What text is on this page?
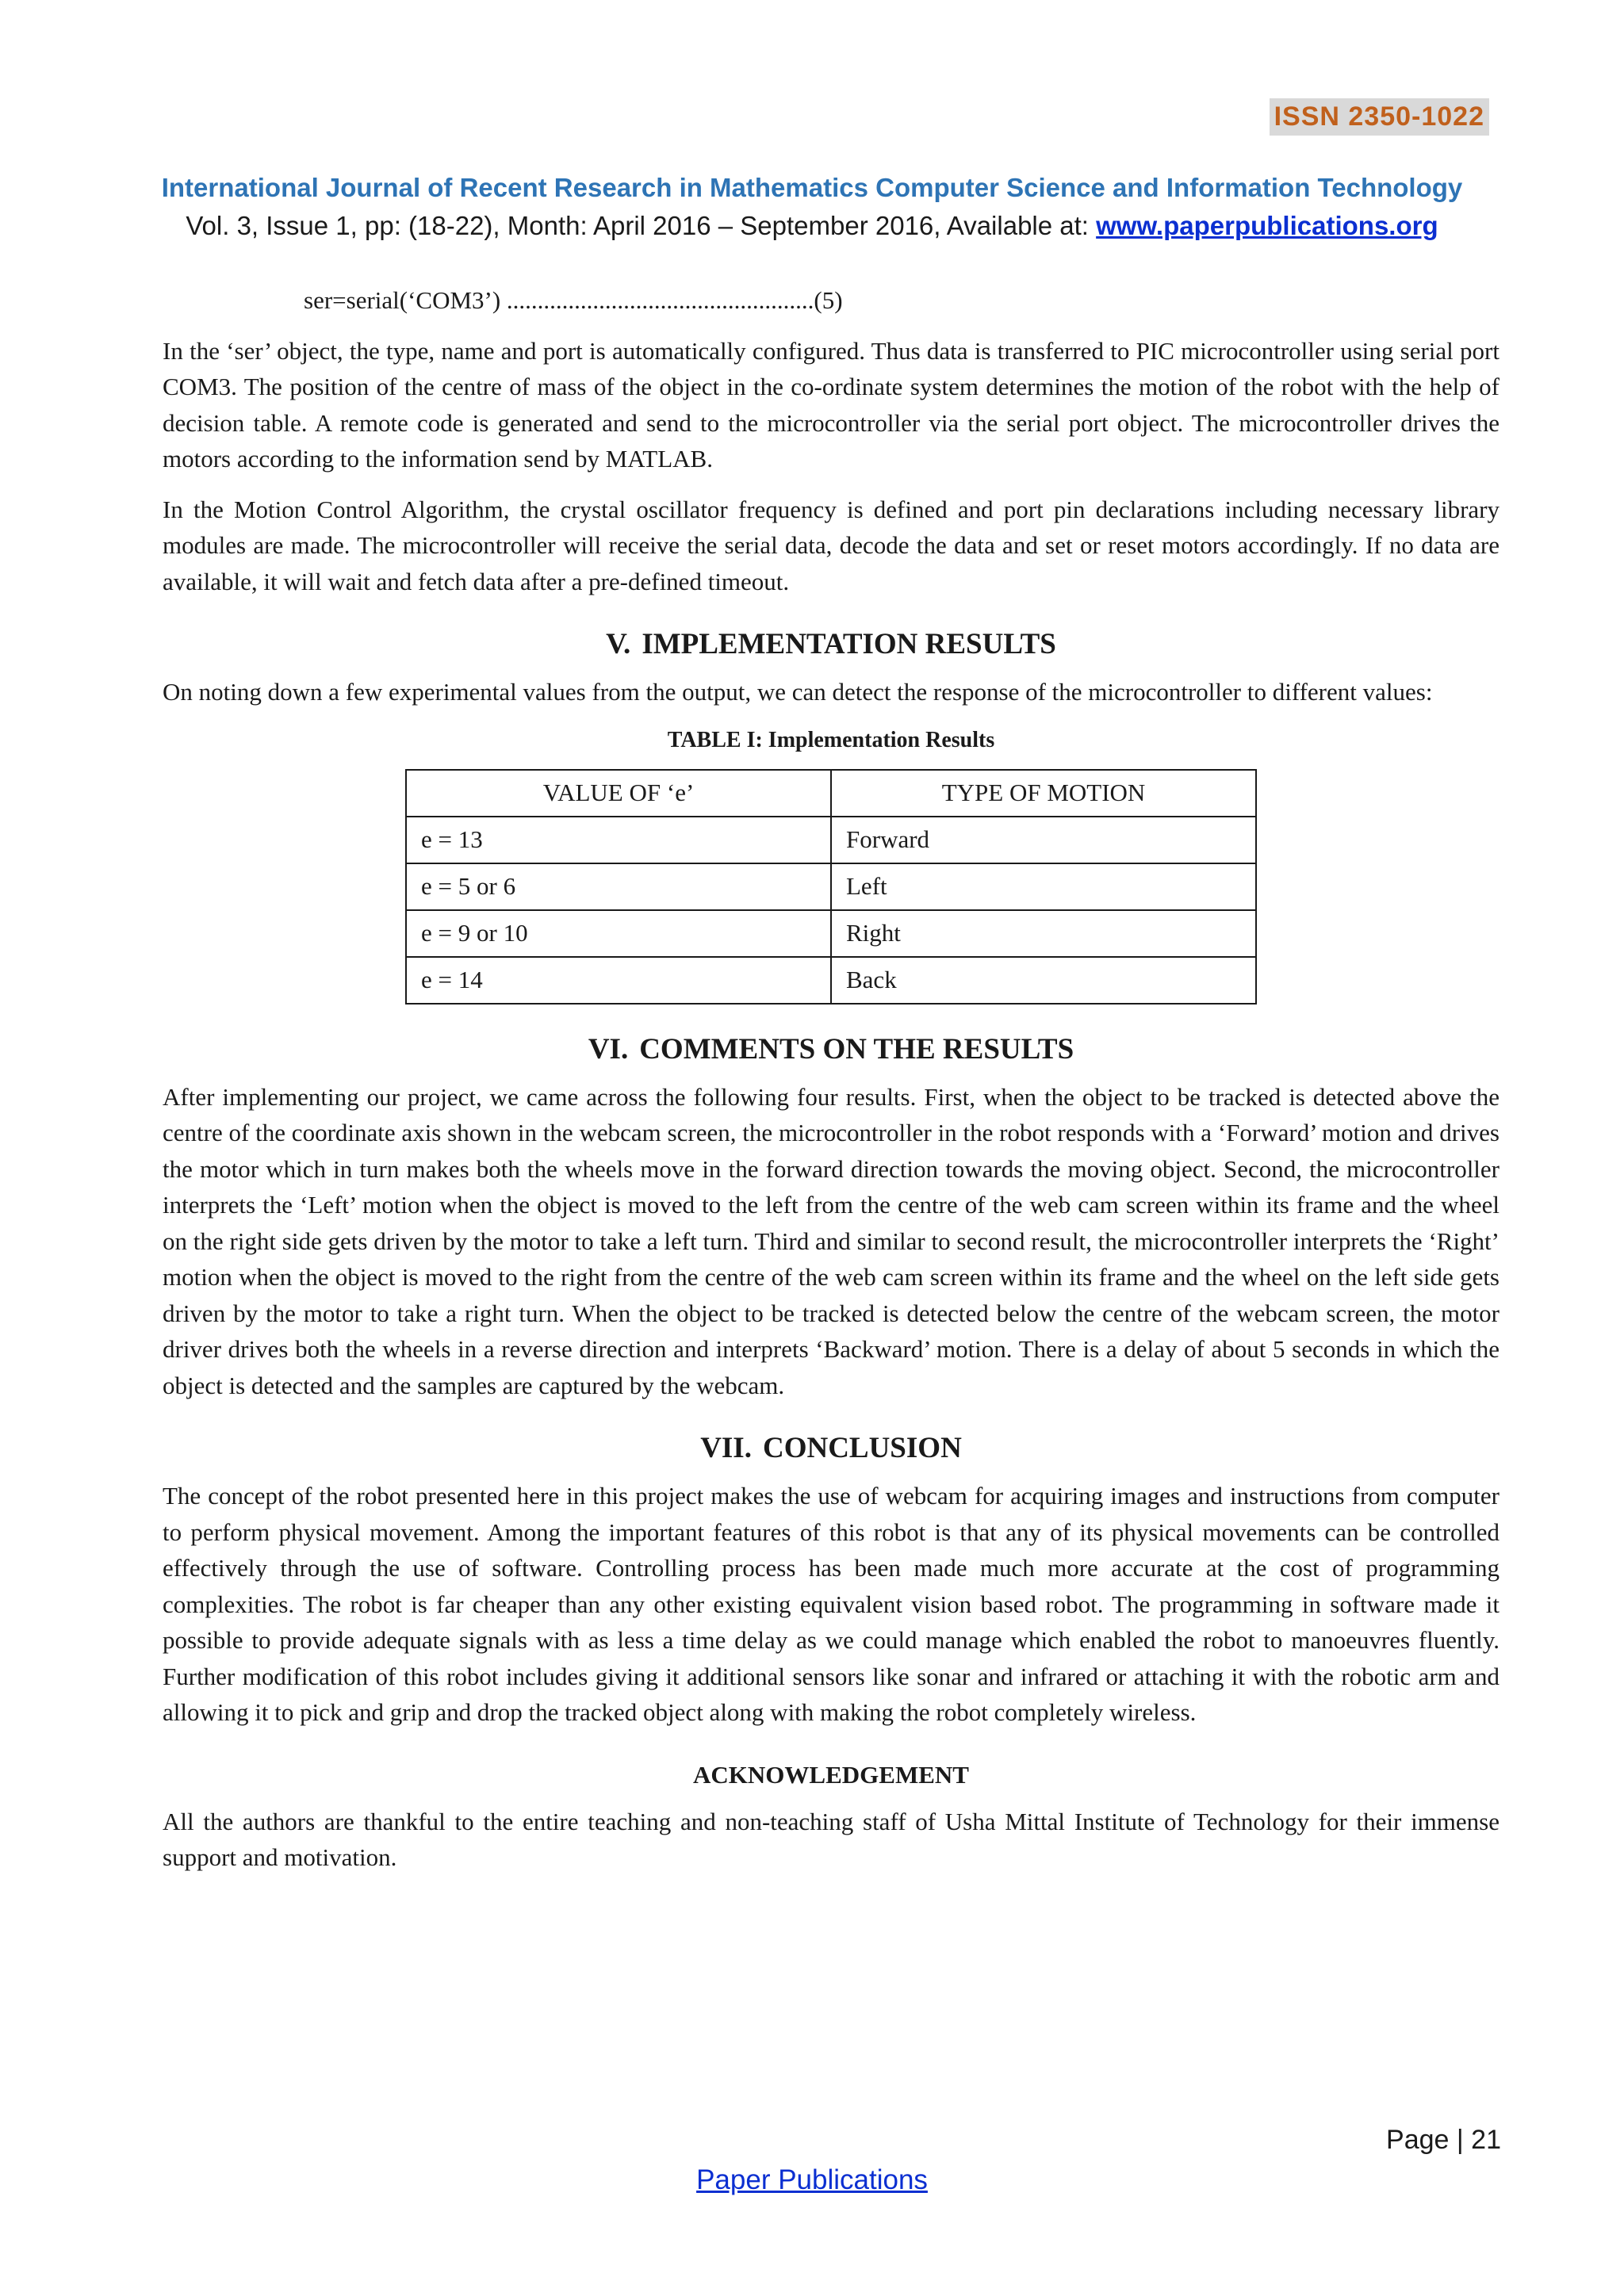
ISSN 2350-1022
International Journal of Recent Research in Mathematics Computer Science and Information Technology
Vol. 3, Issue 1, pp: (18-22), Month: April 2016 – September 2016, Available at: www.paperpublications.org
ser=serial(‘COM3’) ..................................................(5)

In the ‘ser’ object, the type, name and port is automatically configured. Thus data is transferred to PIC microcontroller using serial port COM3. The position of the centre of mass of the object in the co-ordinate system determines the motion of the robot with the help of decision table. A remote code is generated and send to the microcontroller via the serial port object. The microcontroller drives the motors according to the information send by MATLAB.

In the Motion Control Algorithm, the crystal oscillator frequency is defined and port pin declarations including necessary library modules are made. The microcontroller will receive the serial data, decode the data and set or reset motors accordingly. If no data are available, it will wait and fetch data after a pre-defined timeout.

V. IMPLEMENTATION RESULTS

On noting down a few experimental values from the output, we can detect the response of the microcontroller to different values:

TABLE I: Implementation Results
VALUE OF ‘e’	TYPE OF MOTION
e = 13	Forward
e = 5 or 6	Left
e = 9 or 10	Right
e = 14	Back
VI. COMMENTS ON THE RESULTS

After implementing our project, we came across the following four results. First, when the object to be tracked is detected above the centre of the coordinate axis shown in the webcam screen, the microcontroller in the robot responds with a ‘Forward’ motion and drives the motor which in turn makes both the wheels move in the forward direction towards the moving object. Second, the microcontroller interprets the ‘Left’ motion when the object is moved to the left from the centre of the web cam screen within its frame and the wheel on the right side gets driven by the motor to take a left turn. Third and similar to second result, the microcontroller interprets the ‘Right’ motion when the object is moved to the right from the centre of the web cam screen within its frame and the wheel on the left side gets driven by the motor to take a right turn. When the object to be tracked is detected below the centre of the webcam screen, the motor driver drives both the wheels in a reverse direction and interprets ‘Backward’ motion. There is a delay of about 5 seconds in which the object is detected and the samples are captured by the webcam.

VII. CONCLUSION

The concept of the robot presented here in this project makes the use of webcam for acquiring images and instructions from computer to perform physical movement. Among the important features of this robot is that any of its physical movements can be controlled effectively through the use of software. Controlling process has been made much more accurate at the cost of programming complexities. The robot is far cheaper than any other existing equivalent vision based robot. The programming in software made it possible to provide adequate signals with as less a time delay as we could manage which enabled the robot to manoeuvres fluently. Further modification of this robot includes giving it additional sensors like sonar and infrared or attaching it with the robotic arm and allowing it to pick and grip and drop the tracked object along with making the robot completely wireless.

ACKNOWLEDGEMENT

All the authors are thankful to the entire teaching and non-teaching staff of Usha Mittal Institute of Technology for their immense support and motivation.

Page | 21
Paper Publications
